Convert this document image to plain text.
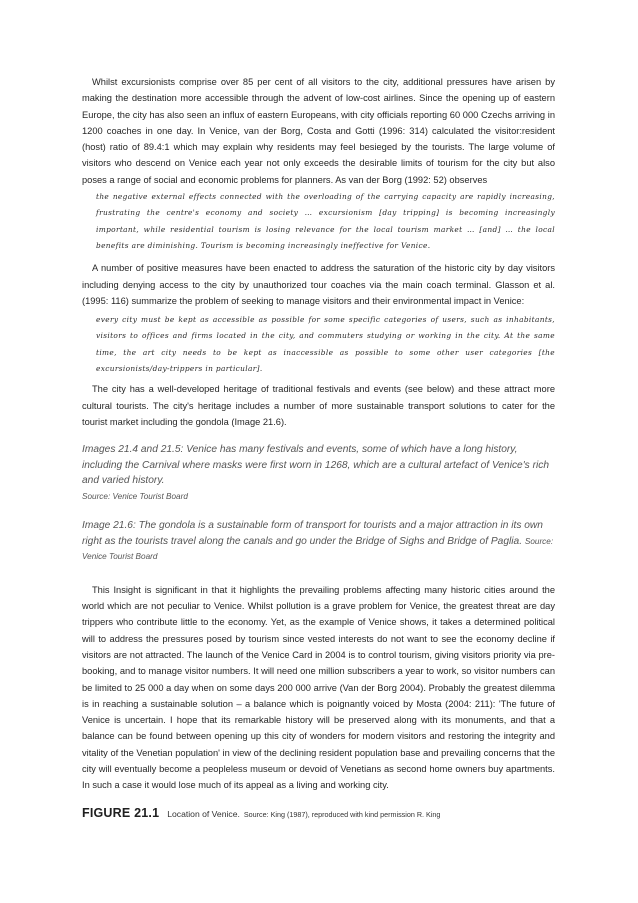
Whilst excursionists comprise over 85 per cent of all visitors to the city, additional pressures have arisen by making the destination more accessible through the advent of low-cost airlines. Since the opening up of eastern Europe, the city has also seen an influx of eastern Europeans, with city officials reporting 60 000 Czechs arriving in 1200 coaches in one day. In Venice, van der Borg, Costa and Gotti (1996: 314) calculated the visitor:resident (host) ratio of 89.4:1 which may explain why residents may feel besieged by the tourists. The large volume of visitors who descend on Venice each year not only exceeds the desirable limits of tourism for the city but also poses a range of social and economic problems for planners. As van der Borg (1992: 52) observes

the negative external effects connected with the overloading of the carrying capacity are rapidly increasing, frustrating the centre's economy and society … excursionism [day tripping] is becoming increasingly important, while residential tourism is losing relevance for the local tourism market … [and] … the local benefits are diminishing. Tourism is becoming increasingly ineffective for Venice.

A number of positive measures have been enacted to address the saturation of the historic city by day visitors including denying access to the city by unauthorized tour coaches via the main coach terminal. Glasson et al. (1995: 116) summarize the problem of seeking to manage visitors and their environmental impact in Venice:

every city must be kept as accessible as possible for some specific categories of users, such as inhabitants, visitors to offices and firms located in the city, and commuters studying or working in the city. At the same time, the art city needs to be kept as inaccessible as possible to some other user categories [the excursionists/day-trippers in particular].

The city has a well-developed heritage of traditional festivals and events (see below) and these attract more cultural tourists. The city's heritage includes a number of more sustainable transport solutions to cater for the tourist market including the gondola (Image 21.6).

Images 21.4 and 21.5: Venice has many festivals and events, some of which have a long history, including the Carnival where masks were first worn in 1268, which are a cultural artefact of Venice's rich and varied history.
Source: Venice Tourist Board

Image 21.6: The gondola is a sustainable form of transport for tourists and a major attraction in its own right as the tourists travel along the canals and go under the Bridge of Sighs and Bridge of Paglia. Source: Venice Tourist Board

This Insight is significant in that it highlights the prevailing problems affecting many historic cities around the world which are not peculiar to Venice. Whilst pollution is a grave problem for Venice, the greatest threat are day trippers who contribute little to the economy. Yet, as the example of Venice shows, it takes a determined political will to address the pressures posed by tourism since vested interests do not want to see the economy decline if visitors are not attracted. The launch of the Venice Card in 2004 is to control tourism, giving visitors priority via pre-booking, and to manage visitor numbers. It will need one million subscribers a year to work, so visitor numbers can be limited to 25 000 a day when on some days 200 000 arrive (Van der Borg 2004). Probably the greatest dilemma is in reaching a sustainable solution – a balance which is poignantly voiced by Mosta (2004: 211): 'The future of Venice is uncertain. I hope that its remarkable history will be preserved along with its monuments, and that a balance can be found between opening up this city of wonders for modern visitors and restoring the integrity and vitality of the Venetian population' in view of the declining resident population base and prevailing concerns that the city will eventually become a peopleless museum or devoid of Venetians as second home owners buy apartments. In such a case it would lose much of its appeal as a living and working city.

FIGURE 21.1 Location of Venice. Source: King (1987), reproduced with kind permission R. King
